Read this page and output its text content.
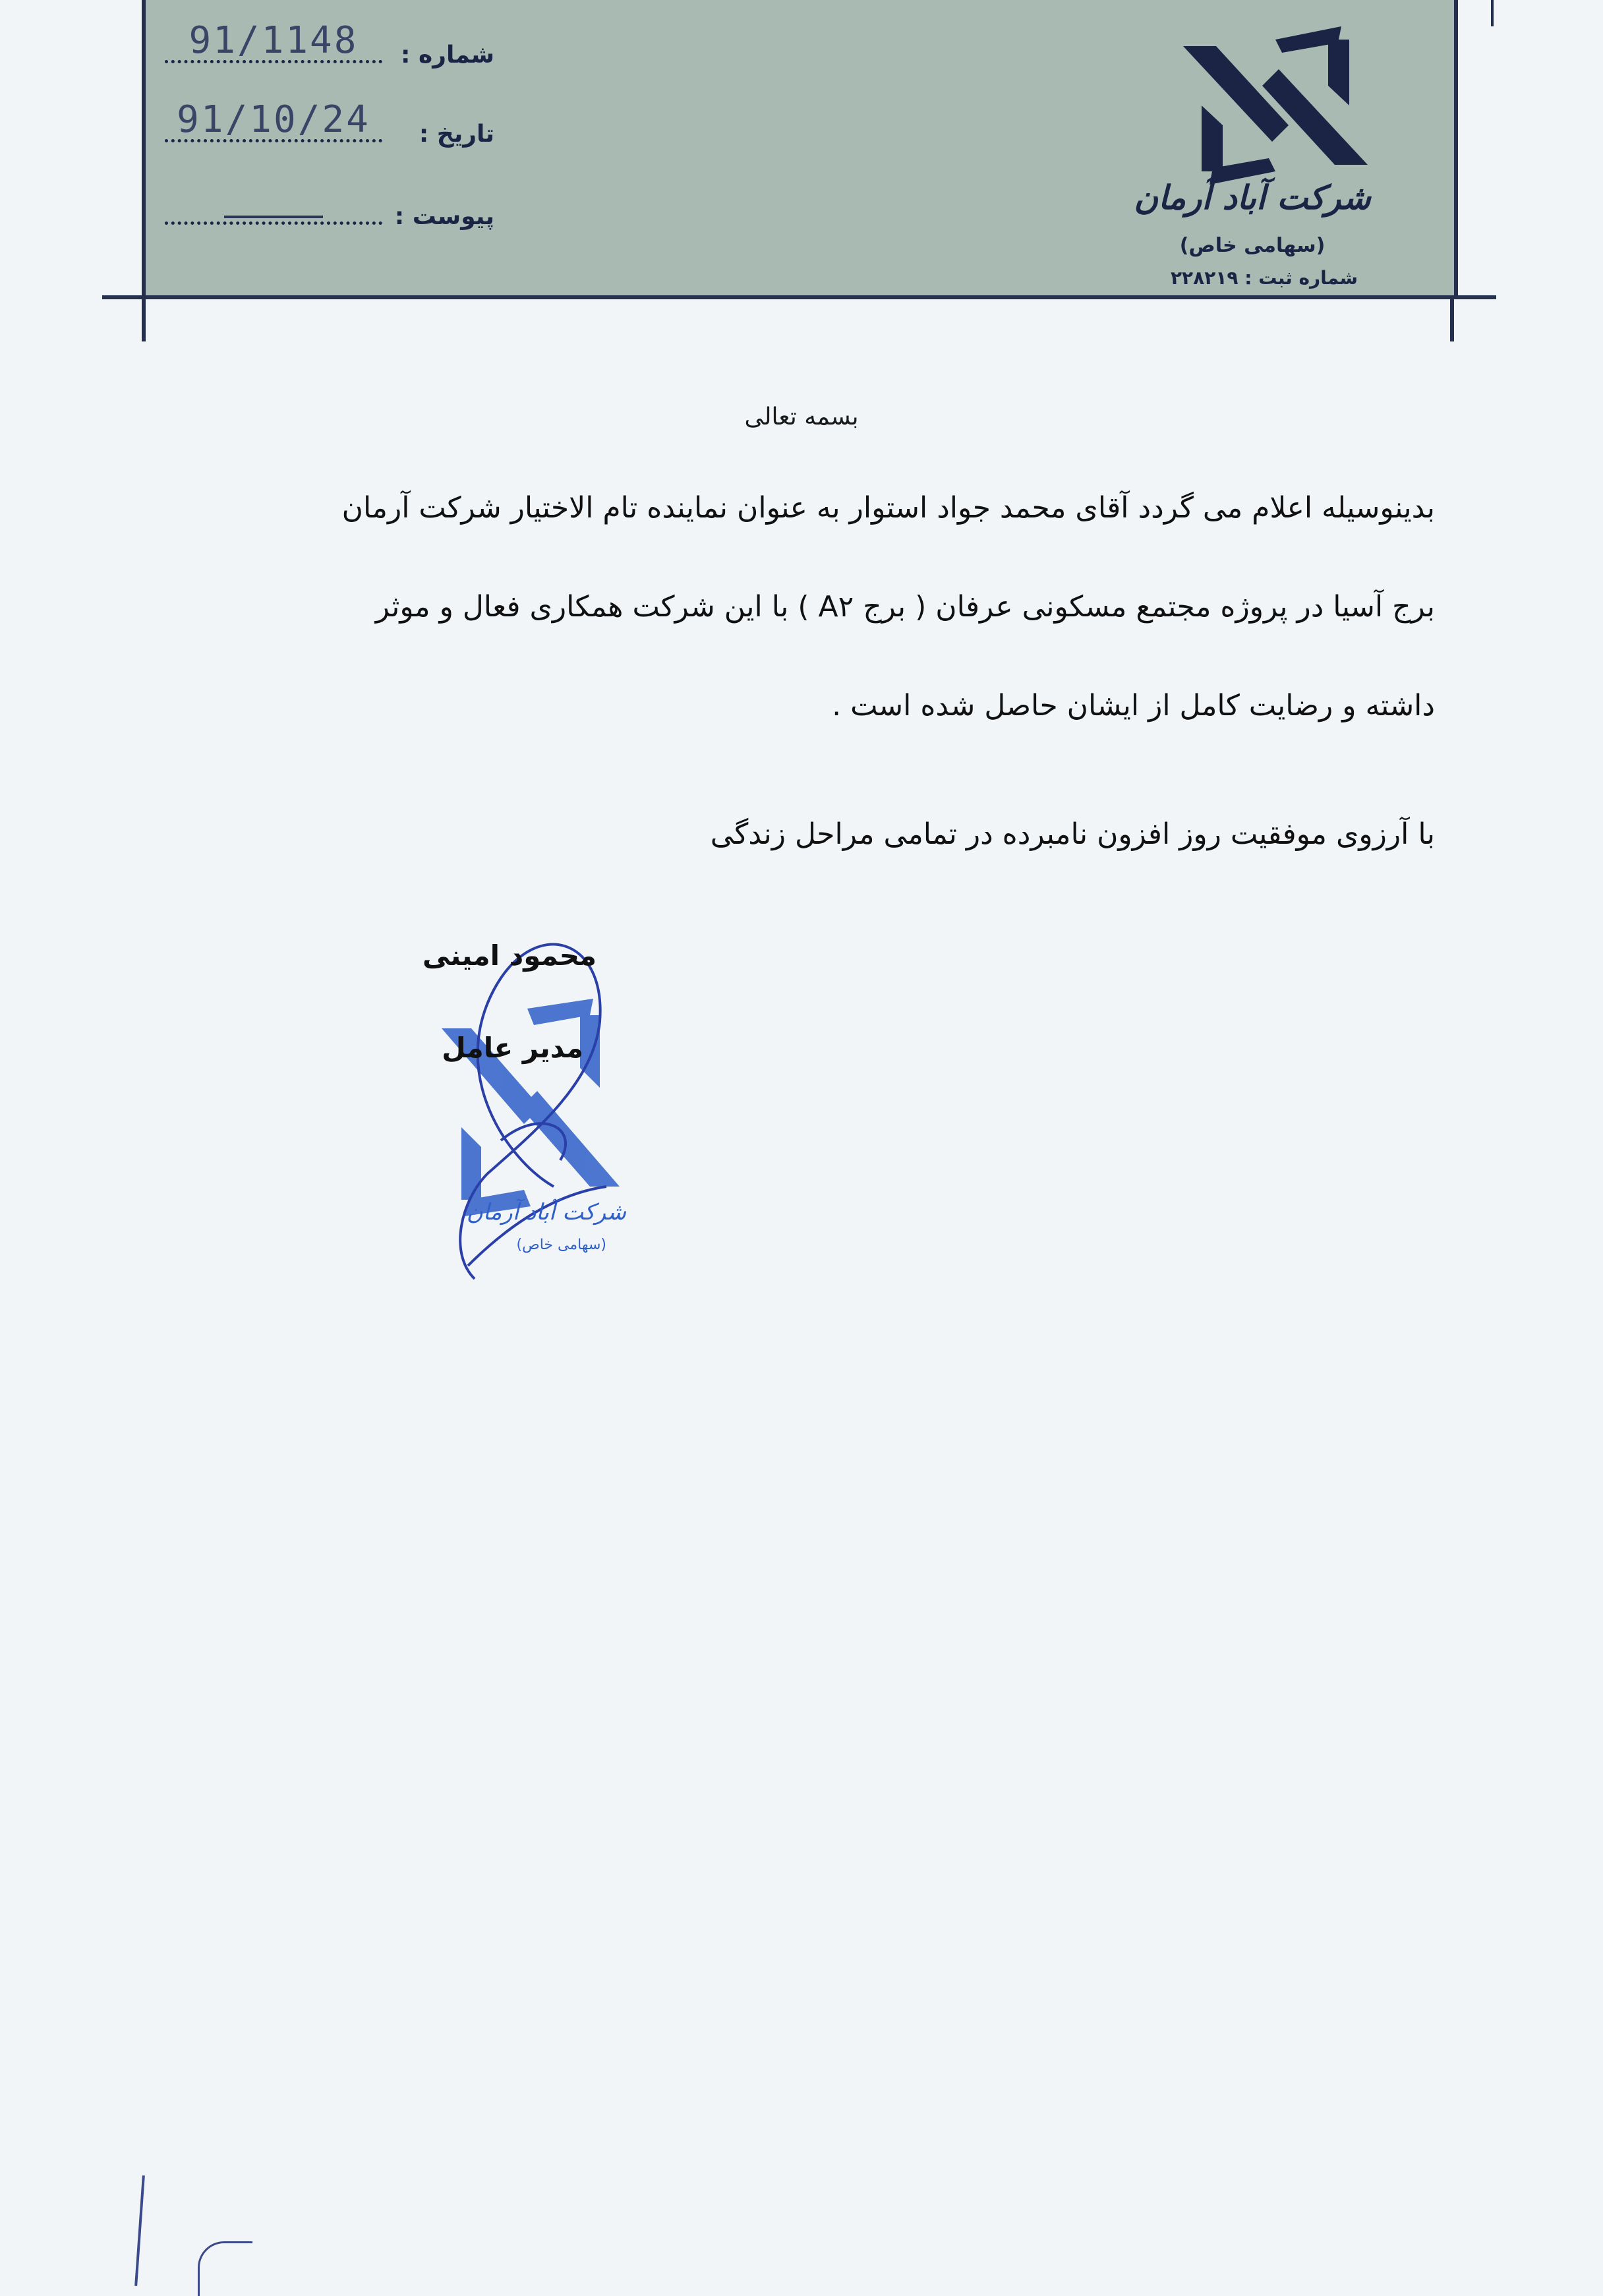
شرکت آباد آرمان
(سهامی خاص)
شماره ثبت : ۲۲۸۲۱۹
شماره :
91/1148
تاریخ :
91/10/24
پیوست :
بسمه تعالی
بدینوسیله اعلام می گردد آقای محمد جواد استوار به عنوان نماینده تام الاختیار شرکت آرمان
برج آسیا در پروژه مجتمع مسکونی عرفان ( برج A۲ ) با این شرکت همکاری فعال و موثر
داشته و رضایت کامل از ایشان حاصل شده است .
با آرزوی موفقیت روز افزون نامبرده در تمامی مراحل زندگی
شرکت آباد آرمان
(سهامی خاص)
محمود امینی
مدیر عامل
